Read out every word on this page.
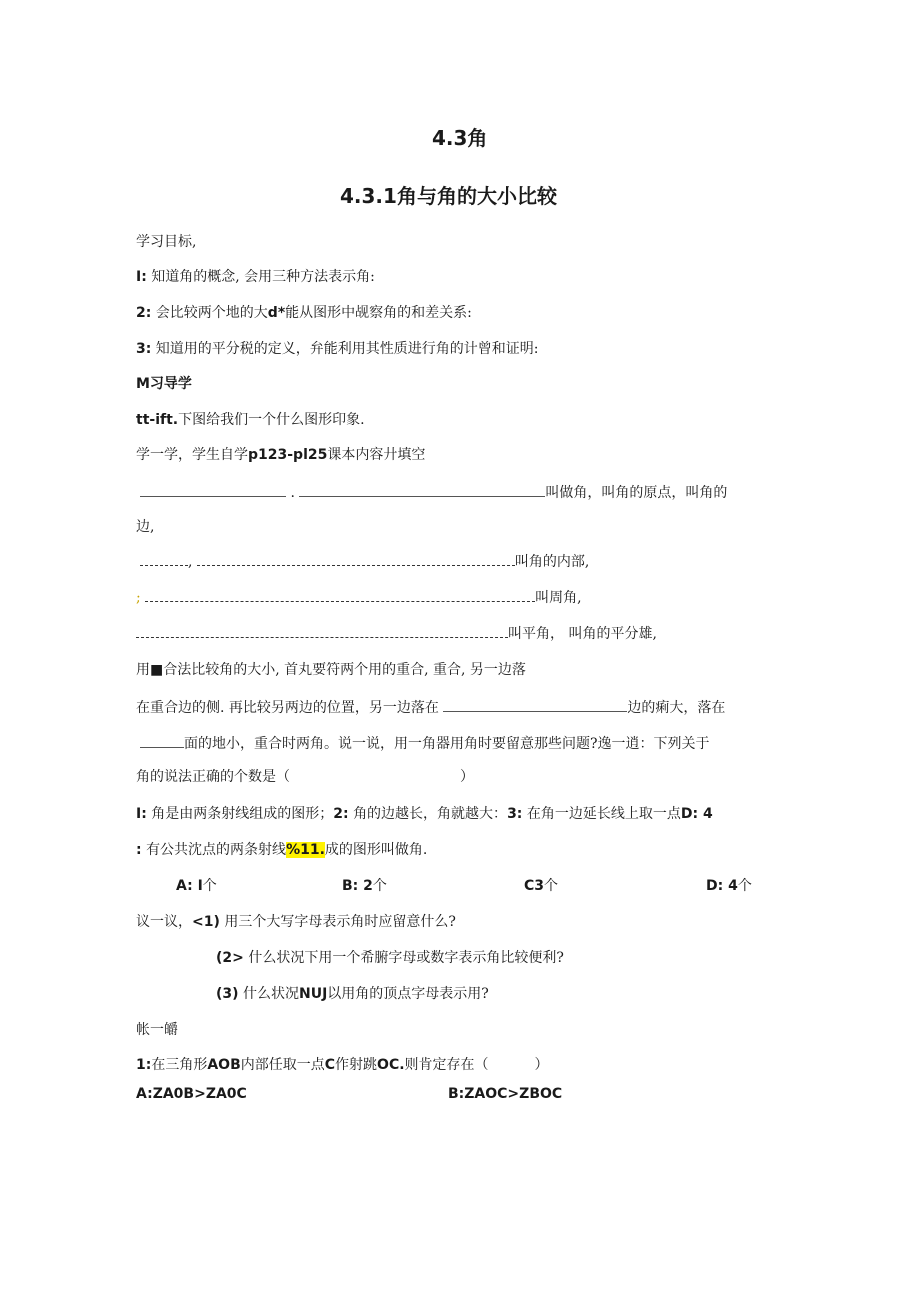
4.3角
4.3.1角与角的大小比较
学习目标,
I: 知道角的概念, 会用三种方法表示角:
2: 会比较两个地的大d*能从图形中觇察角的和差关系:
3: 知道用的平分税的定义，弁能利用其性质进行角的计曾和证明:
M习导学
tt-ift.下图给我们一个什么图形印象.
学一学，学生自学p123-pl25课本内容廾填空
.	叫做角，叫角的原点，叫角的
边,
,	叫角的内部,
;	叫周角,
叫平角， 叫角的平分雄,
用■合法比较角的大小, 首丸要符两个用的重合, 重合, 另一边落
在重合边的侧. 再比较另两边的位置，另一边落在	边的痢大，落在
面的地小，重合时两角。说一说，用一角器用角时要留意那些问题?逸一逍：下列关于
角的说法正确的个数是（	）
I: 角是由两条射线组成的图形；2: 角的边越长，角就越大：3: 在角一边延长线上取一点D: 4
: 有公共沈点的两条射线%11.成的图形叫做角.
A: I个	B: 2个	C3个	D: 4个
议一议，<1) 用三个大写字母表示角时应留意什么?
(2> 什么状况下用一个希腑字母或数字表示角比较便利?
(3) 什么状况NUJ以用角的顶点字母表示用?
帐一皭
1:在三角形AOB内部任取一点C作射跳OC.则肯定存在（	）
A:ZA0B>ZA0C	B:ZAOC>ZBOC
